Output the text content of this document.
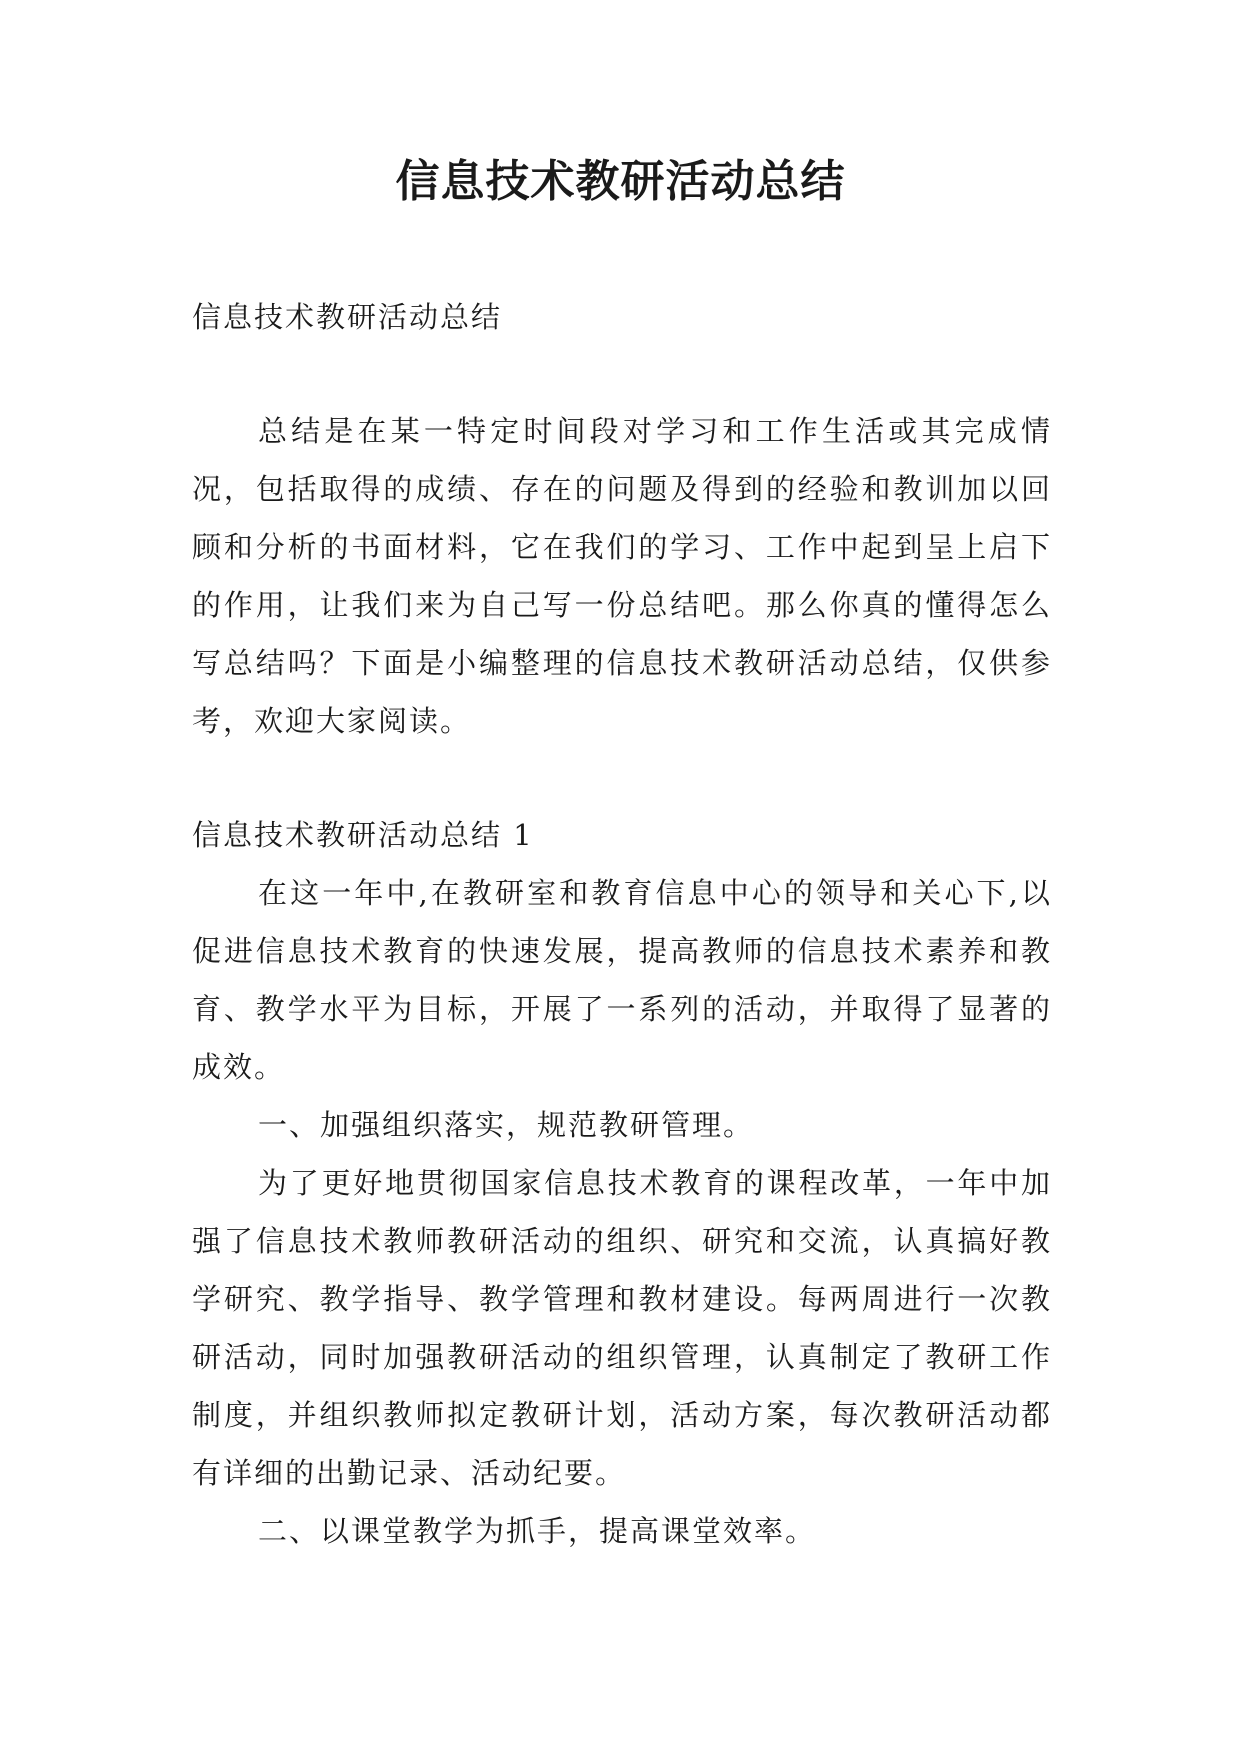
信息技术教研活动总结

信息技术教研活动总结

总结是在某一特定时间段对学习和工作生活或其完成情况，包括取得的成绩、存在的问题及得到的经验和教训加以回顾和分析的书面材料，它在我们的学习、工作中起到呈上启下的作用，让我们来为自己写一份总结吧。那么你真的懂得怎么写总结吗？下面是小编整理的信息技术教研活动总结，仅供参考，欢迎大家阅读。

信息技术教研活动总结 1

在这一年中,在教研室和教育信息中心的领导和关心下,以促进信息技术教育的快速发展，提高教师的信息技术素养和教育、教学水平为目标，开展了一系列的活动，并取得了显著的成效。

一、加强组织落实，规范教研管理。

为了更好地贯彻国家信息技术教育的课程改革，一年中加强了信息技术教师教研活动的组织、研究和交流，认真搞好教学研究、教学指导、教学管理和教材建设。每两周进行一次教研活动，同时加强教研活动的组织管理，认真制定了教研工作制度，并组织教师拟定教研计划，活动方案，每次教研活动都有详细的出勤记录、活动纪要。

二、以课堂教学为抓手，提高课堂效率。
